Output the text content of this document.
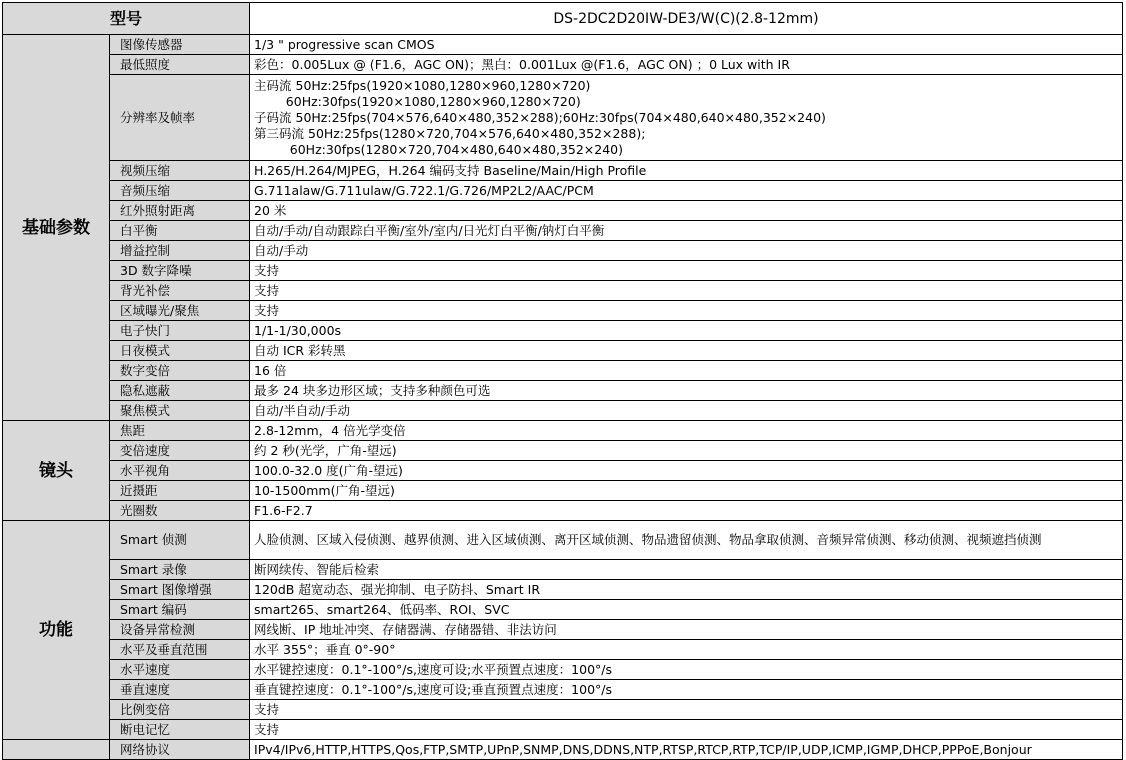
型号		DS-2DC2D20IW-DE3/W(C)(2.8-12mm)
基础参数	图像传感器	1/3 " progressive scan CMOS
	最低照度	彩色：0.005Lux @ (F1.6，AGC ON)；黑白：0.001Lux @(F1.6，AGC ON) ；0 Lux with IR
	分辨率及帧率	主码流 50Hz:25fps(1920×1080,1280×960,1280×720)
60Hz:30fps(1920×1080,1280×960,1280×720)
子码流 50Hz:25fps(704×576,640×480,352×288);60Hz:30fps(704×480,640×480,352×240)
第三码流 50Hz:25fps(1280×720,704×576,640×480,352×288);
60Hz:30fps(1280×720,704×480,640×480,352×240)

	视频压缩	H.265/H.264/MJPEG，H.264 编码支持 Baseline/Main/High Profile
	音频压缩	G.711alaw/G.711ulaw/G.722.1/G.726/MP2L2/AAC/PCM
	红外照射距离	20 米
	白平衡	自动/手动/自动跟踪白平衡/室外/室内/日光灯白平衡/钠灯白平衡
	增益控制	自动/手动
	3D 数字降噪	支持
	背光补偿	支持
	区域曝光/聚焦	支持
	电子快门	1/1-1/30,000s
	日夜模式	自动 ICR 彩转黑
	数字变倍	16 倍
	隐私遮蔽	最多 24 块多边形区域；支持多种颜色可选
	聚焦模式	自动/半自动/手动
镜头	焦距	2.8-12mm，4 倍光学变倍
	变倍速度	约 2 秒(光学，广角-望远)
	水平视角	100.0-32.0 度(广角-望远)
	近摄距	10-1500mm(广角-望远)
	光圈数	F1.6-F2.7
功能	Smart 侦测	人脸侦测、区域入侵侦测、越界侦测、进入区域侦测、离开区域侦测、物品遗留侦测、物品拿取侦测、音频异常侦测、移动侦测、视频遮挡侦测
	Smart 录像	断网续传、智能后检索
	Smart 图像增强	120dB 超宽动态、强光抑制、电子防抖、Smart IR
	Smart 编码	smart265、smart264、低码率、ROI、SVC
	设备异常检测	网线断、IP 地址冲突、存储器满、存储器错、非法访问
	水平及垂直范围	水平 355°；垂直 0°-90°
	水平速度	水平键控速度：0.1°-100°/s,速度可设;水平预置点速度：100°/s
	垂直速度	垂直键控速度：0.1°-100°/s,速度可设;垂直预置点速度：100°/s
	比例变倍	支持
	断电记忆	支持
	网络协议	IPv4/IPv6,HTTP,HTTPS,Qos,FTP,SMTP,UPnP,SNMP,DNS,DDNS,NTP,RTSP,RTCP,RTP,TCP/IP,UDP,ICMP,IGMP,DHCP,PPPoE,Bonjour
